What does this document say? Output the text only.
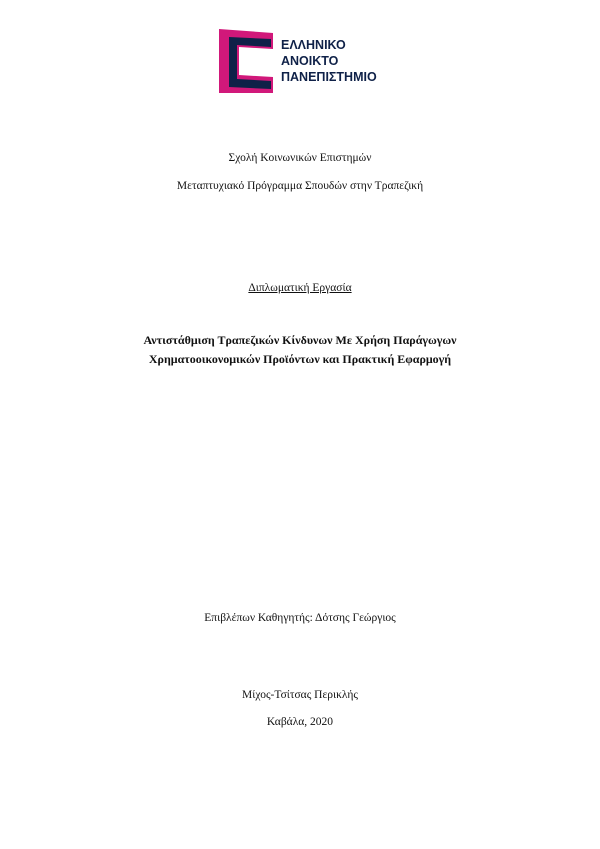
ΕΛΛΗΝΙΚΟ
ΑΝΟΙΚΤΟ
ΠΑΝΕΠΙΣΤΗΜΙΟ
Σχολή Κοινωνικών Επιστημών
Μεταπτυχιακό Πρόγραμμα Σπουδών στην Τραπεζική
Διπλωματική Εργασία
Αντιστάθμιση Τραπεζικών Κίνδυνων Με Χρήση Παράγωγων
Χρηματοοικονομικών Προϊόντων και Πρακτική Εφαρμογή
Επιβλέπων Καθηγητής: Δότσης Γεώργιος
Μίχος-Τσίτσας Περικλής
Καβάλα, 2020
